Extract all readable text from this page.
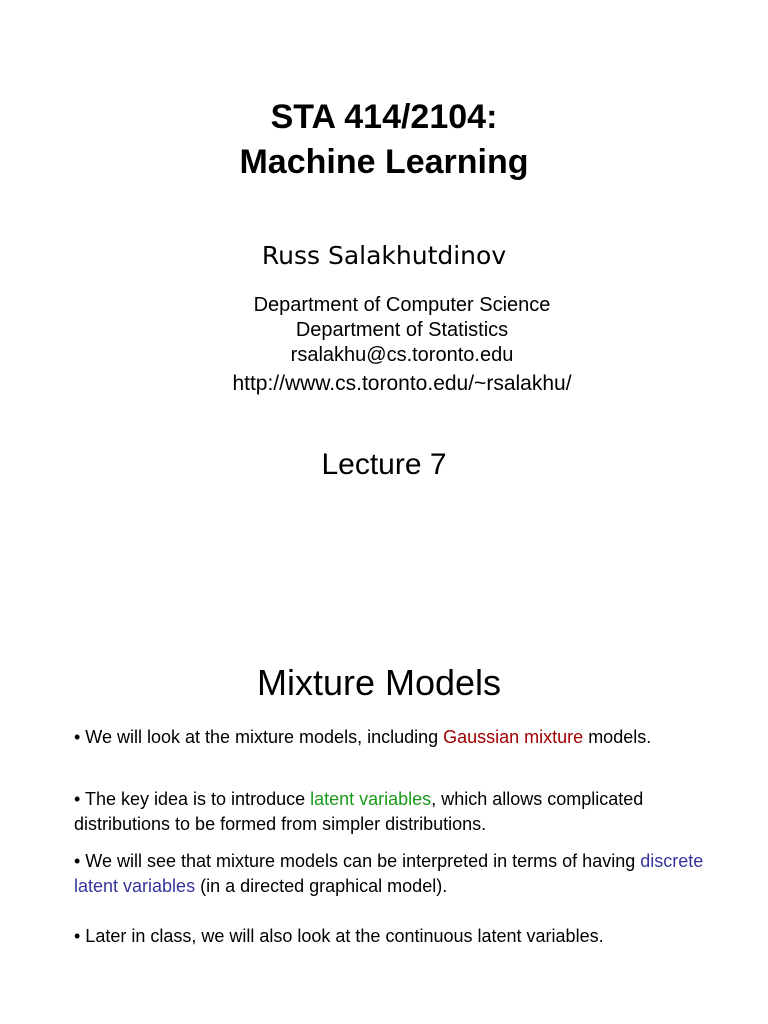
STA 414/2104:
Machine Learning
Russ Salakhutdinov
Department of Computer Science
Department of Statistics
rsalakhu@cs.toronto.edu
http://www.cs.toronto.edu/~rsalakhu/
Lecture 7
Mixture Models
• We will look at the mixture models, including Gaussian mixture models.
• The key idea is to introduce latent variables, which allows complicated distributions to be formed from simpler distributions.
• We will see that mixture models can be interpreted in terms of having discrete latent variables (in a directed graphical model).
• Later in class, we will also look at the continuous latent variables.
